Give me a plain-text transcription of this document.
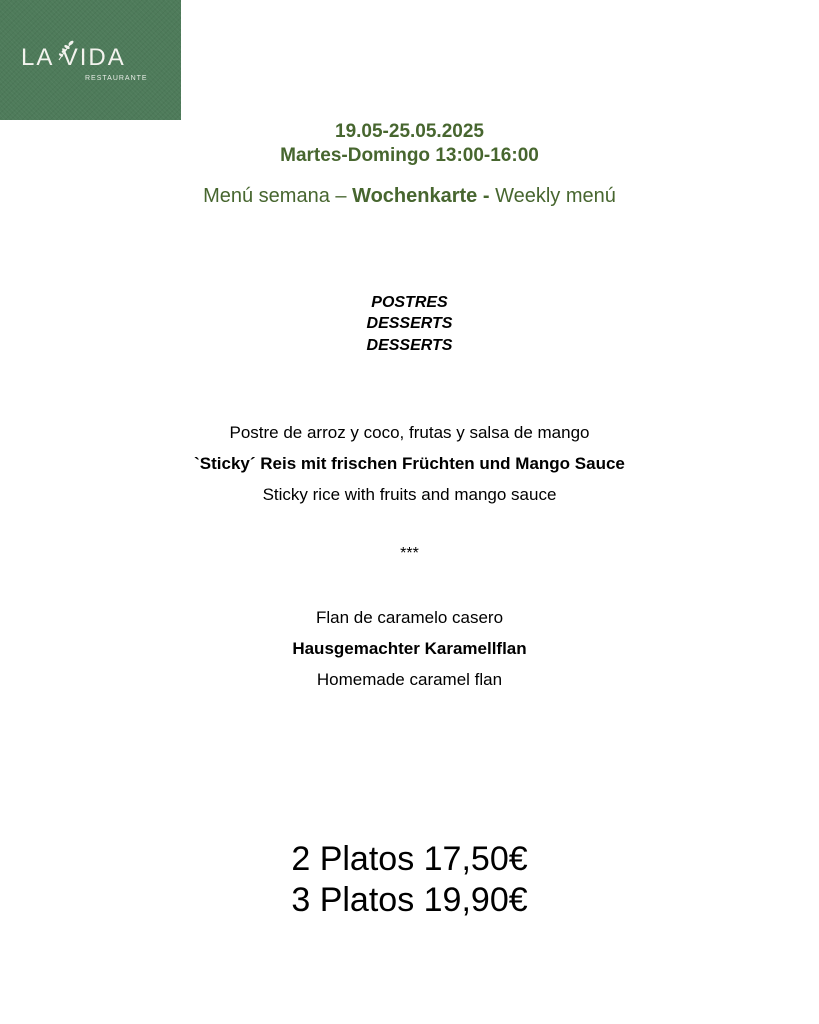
LA VIDA
RESTAURANTE
19.05-25.05.2025
Martes-Domingo 13:00-16:00
Menú semana – Wochenkarte - Weekly menú
POSTRES
DESSERTS
DESSERTS
Postre de arroz y coco, frutas y salsa de mango
`Sticky´ Reis mit frischen Früchten und Mango Sauce
Sticky rice with fruits and mango sauce
***
Flan de caramelo casero
Hausgemachter Karamellflan
Homemade caramel flan
2 Platos 17,50€
3 Platos 19,90€
